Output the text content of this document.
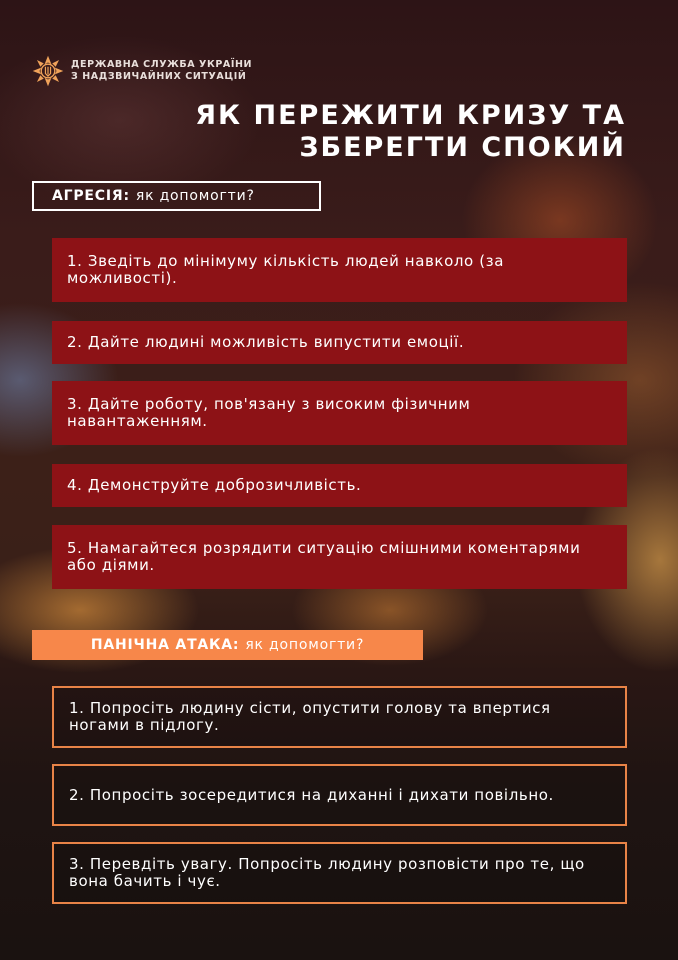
ДЕРЖАВНА СЛУЖБА УКРАЇНИ
З НАДЗВИЧАЙНИХ СИТУАЦІЙ
ЯК ПЕРЕЖИТИ КРИЗУ ТА
ЗБЕРЕГТИ СПОКИЙ
АГРЕСІЯ: як допомогти?
1. Зведіть до мінімуму кількість людей навколо (за можливості).
2. Дайте людині можливість випустити емоції.
3. Дайте роботу, пов'язану з високим фізичним навантаженням.
4. Демонструйте доброзичливість.
5. Намагайтеся розрядити ситуацію смішними коментарями або діями.
ПАНІЧНА АТАКА: як допомогти?
1. Попросіть людину сісти, опустити голову та впертися ногами в підлогу.
2. Попросіть зосередитися на диханні і дихати повільно.
3. Перевдіть увагу. Попросіть людину розповісти про те, що вона бачить і чує.
